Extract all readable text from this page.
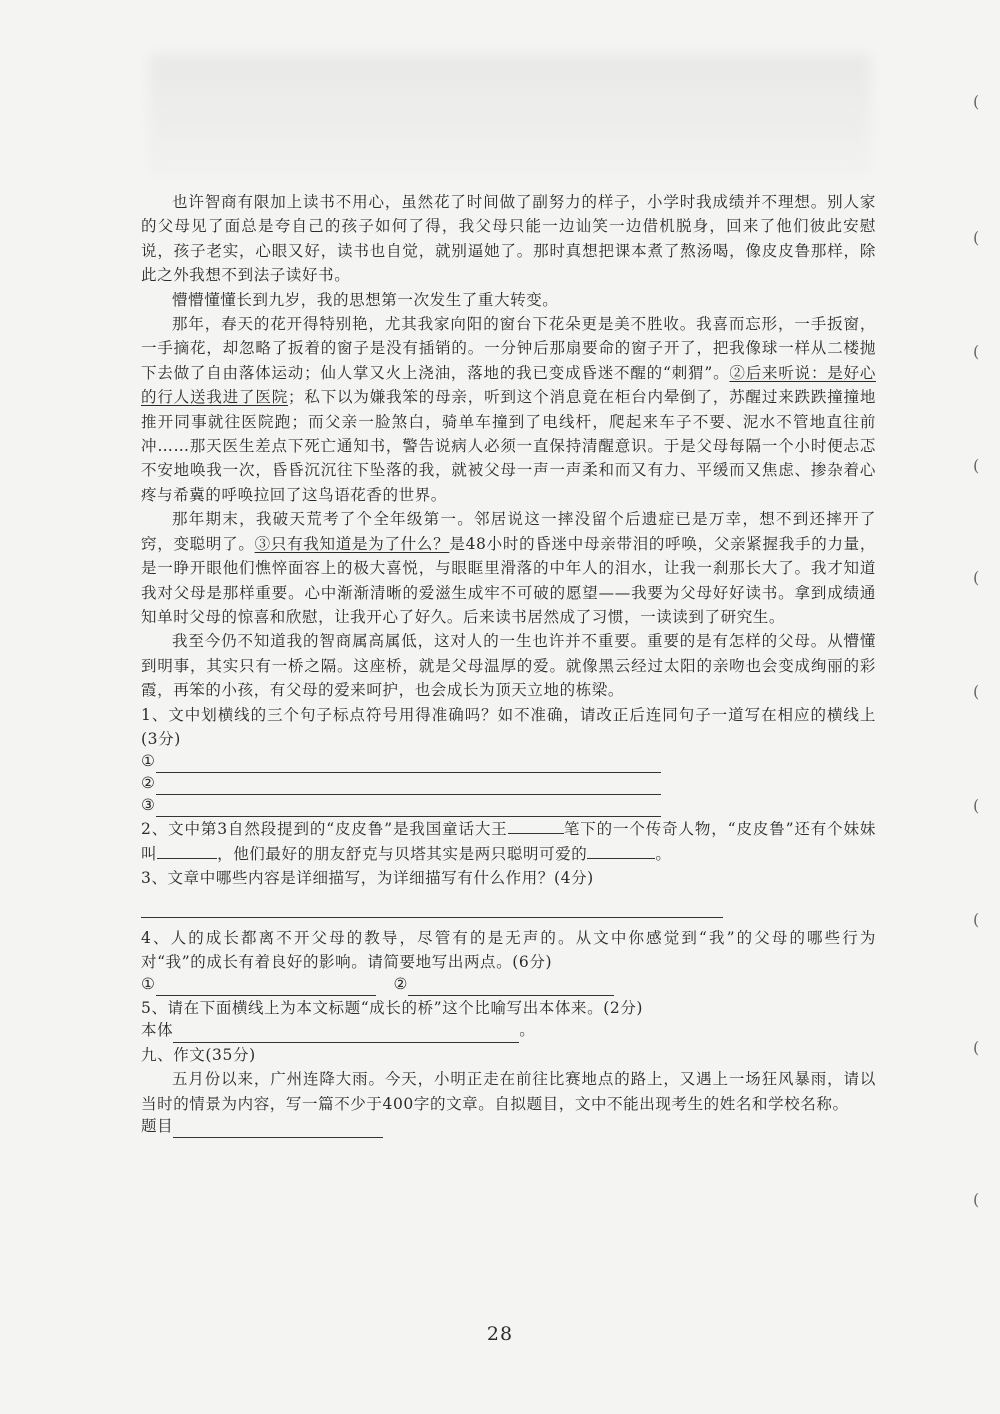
也许智商有限加上读书不用心，虽然花了时间做了副努力的样子，小学时我成绩并不理想。别人家的父母见了面总是夸自己的孩子如何了得，我父母只能一边讪笑一边借机脱身，回来了他们彼此安慰说，孩子老实，心眼又好，读书也自觉，就别逼她了。那时真想把课本煮了熬汤喝，像皮皮鲁那样，除此之外我想不到法子读好书。

懵懵懂懂长到九岁，我的思想第一次发生了重大转变。

那年，春天的花开得特别艳，尤其我家向阳的窗台下花朵更是美不胜收。我喜而忘形，一手扳窗，一手摘花，却忽略了扳着的窗子是没有插销的。一分钟后那扇要命的窗子开了，把我像球一样从二楼抛下去做了自由落体运动；仙人掌又火上浇油，落地的我已变成昏迷不醒的“刺猬”。②后来听说：是好心的行人送我进了医院；私下以为嫌我笨的母亲，听到这个消息竟在柜台内晕倒了，苏醒过来跌跌撞撞地推开同事就往医院跑；而父亲一脸煞白，骑单车撞到了电线杆，爬起来车子不要、泥水不管地直往前冲……那天医生差点下死亡通知书，警告说病人必须一直保持清醒意识。于是父母每隔一个小时便忐忑不安地唤我一次，昏昏沉沉往下坠落的我，就被父母一声一声柔和而又有力、平缓而又焦虑、掺杂着心疼与希冀的呼唤拉回了这鸟语花香的世界。

那年期末，我破天荒考了个全年级第一。邻居说这一摔没留个后遗症已是万幸，想不到还摔开了窍，变聪明了。③只有我知道是为了什么？是48小时的昏迷中母亲带泪的呼唤，父亲紧握我手的力量，是一睁开眼他们憔悴面容上的极大喜悦，与眼眶里滑落的中年人的泪水，让我一刹那长大了。我才知道我对父母是那样重要。心中渐渐清晰的爱滋生成牢不可破的愿望——我要为父母好好读书。拿到成绩通知单时父母的惊喜和欣慰，让我开心了好久。后来读书居然成了习惯，一读读到了研究生。

我至今仍不知道我的智商属高属低，这对人的一生也许并不重要。重要的是有怎样的父母。从懵懂到明事，其实只有一桥之隔。这座桥，就是父母温厚的爱。就像黑云经过太阳的亲吻也会变成绚丽的彩霞，再笨的小孩，有父母的爱来呵护，也会成长为顶天立地的栋梁。

1、文中划横线的三个句子标点符号用得准确吗？如不准确，请改正后连同句子一道写在相应的横线上(3分)

①
②
③

2、文中第3自然段提到的“皮皮鲁”是我国童话大王	笔下的一个传奇人物，“皮皮鲁”还有个妹妹叫	，他们最好的朋友舒克与贝塔其实是两只聪明可爱的	。

3、文章中哪些内容是详细描写，为详细描写有什么作用？(4分)

4、人的成长都离不开父母的教导，尽管有的是无声的。从文中你感觉到“我”的父母的哪些行为对“我”的成长有着良好的影响。请简要地写出两点。(6分)

①	②

5、请在下面横线上为本文标题“成长的桥”这个比喻写出本体来。(2分)

本体	。

九、作文(35分)

五月份以来，广州连降大雨。今天，小明正走在前往比赛地点的路上，又遇上一场狂风暴雨，请以当时的情景为内容，写一篇不少于400字的文章。自拟题目，文中不能出现考生的姓名和学校名称。

题目
28
(
(
(
(
(
(
(
(
(
(
